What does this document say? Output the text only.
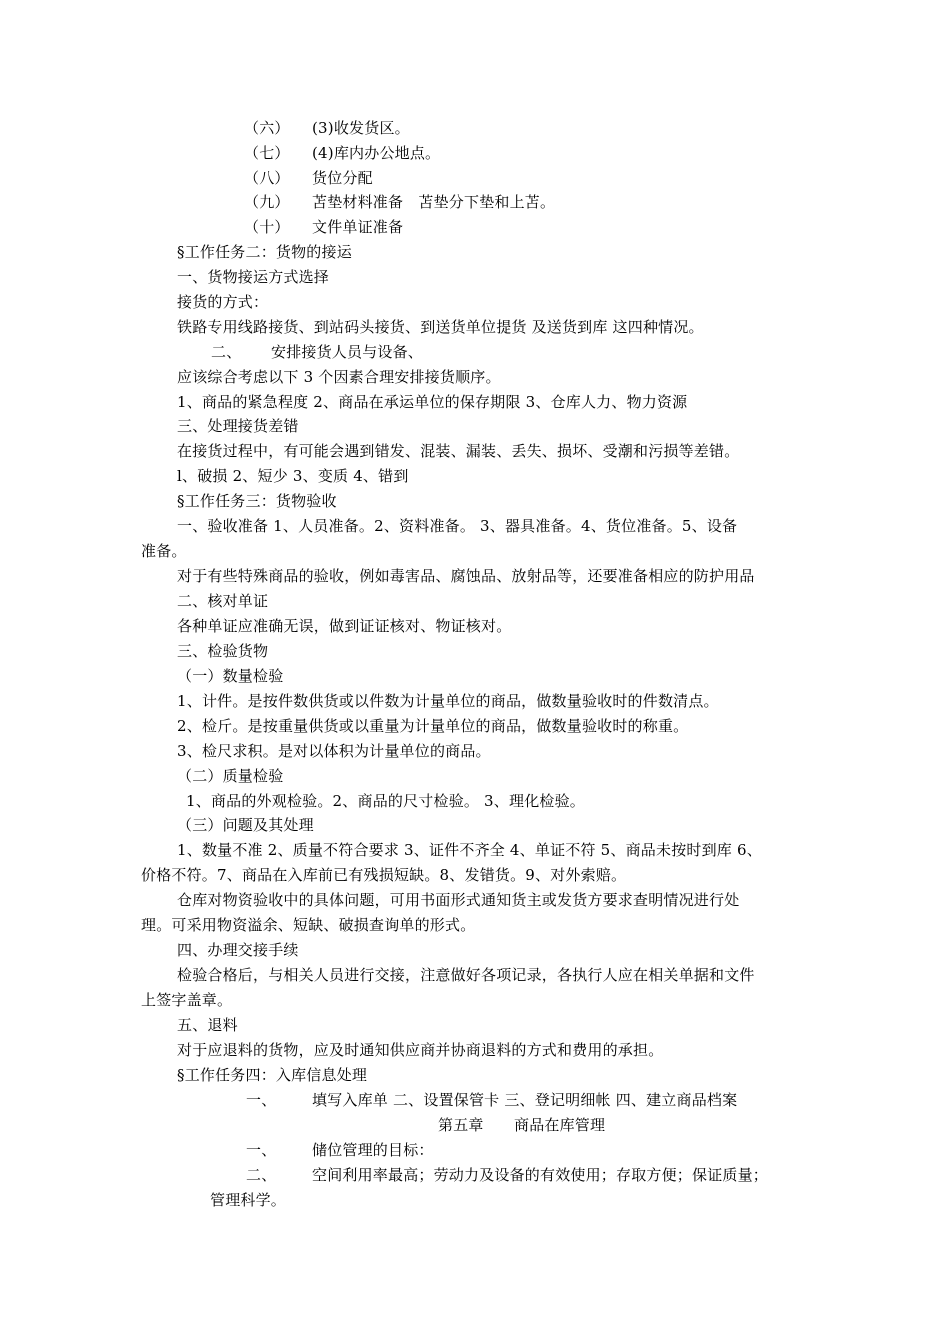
（六） (3)收发货区。
（七） (4)库内办公地点。
（八） 货位分配
（九） 苫垫材料准备　苫垫分下垫和上苫。
（十） 文件单证准备
§工作任务二：货物的接运
一、货物接运方式选择
接货的方式：
铁路专用线路接货、到站码头接货、到送货单位提货 及送货到库 这四种情况。
二、 安排接货人员与设备、
应该综合考虑以下 3 个因素合理安排接货顺序。
1、商品的紧急程度 2、商品在承运单位的保存期限 3、仓库人力、物力资源
三、处理接货差错
在接货过程中，有可能会遇到错发、混装、漏装、丢失、损坏、受潮和污损等差错。
l、破损 2、短少 3、变质 4、错到
§工作任务三：货物验收
一、验收准备 1、人员准备。2、资料准备。 3、器具准备。4、货位准备。5、设备
准备。
对于有些特殊商品的验收，例如毒害品、腐蚀品、放射品等，还要准备相应的防护用品
二、核对单证
各种单证应准确无误，做到证证核对、物证核对。
三、检验货物
（一）数量检验
1、计件。是按件数供货或以件数为计量单位的商品，做数量验收时的件数清点。
2、检斤。是按重量供货或以重量为计量单位的商品，做数量验收时的称重。
3、检尺求积。是对以体积为计量单位的商品。
（二）质量检验
1、商品的外观检验。2、商品的尺寸检验。 3、理化检验。
（三）问题及其处理
1、数量不准 2、质量不符合要求 3、证件不齐全 4、单证不符 5、商品未按时到库 6、
价格不符。7、商品在入库前已有残损短缺。8、发错货。9、对外索赔。
仓库对物资验收中的具体问题，可用书面形式通知货主或发货方要求查明情况进行处
理。可采用物资溢余、短缺、破损查询单的形式。
四、办理交接手续
检验合格后，与相关人员进行交接，注意做好各项记录，各执行人应在相关单据和文件
上签字盖章。
五、退料
对于应退料的货物，应及时通知供应商并协商退料的方式和费用的承担。
§工作任务四：入库信息处理
一、 填写入库单 二、设置保管卡 三、登记明细帐 四、建立商品档案
第五章　　商品在库管理
一、 储位管理的目标：
二、 空间利用率最高；劳动力及设备的有效使用；存取方便；保证质量；
管理科学。
